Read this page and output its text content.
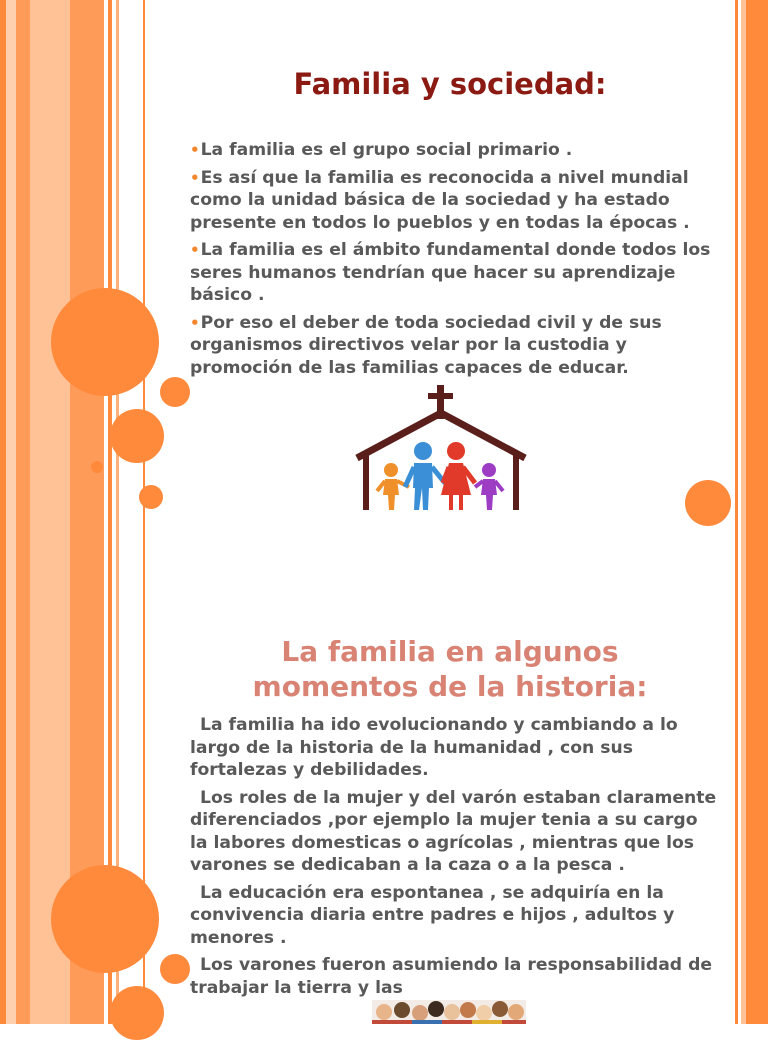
Familia y sociedad:
•La familia es el grupo social primario .
•Es así que la familia es reconocida a nivel mundial como la unidad básica de la sociedad y ha estado presente en todos lo pueblos y en todas la épocas .
•La familia es el ámbito fundamental donde todos los seres humanos tendrían que hacer su aprendizaje básico .
•Por eso el deber de toda sociedad civil y de sus organismos directivos velar por la custodia y promoción de las familias capaces de educar.
La familia en algunos
momentos de la historia:

La familia ha ido evolucionando y cambiando a lo largo de la historia de la humanidad , con sus fortalezas y debilidades.

Los roles de la mujer y del varón estaban claramente diferenciados ,por ejemplo la mujer tenia a su cargo la labores domesticas o agrícolas , mientras que los varones se dedicaban a la caza o a la pesca .

La educación era espontanea , se adquiría en la convivencia diaria entre padres e hijos , adultos y menores .

Los varones fueron asumiendo la responsabilidad de trabajar la tierra y las
